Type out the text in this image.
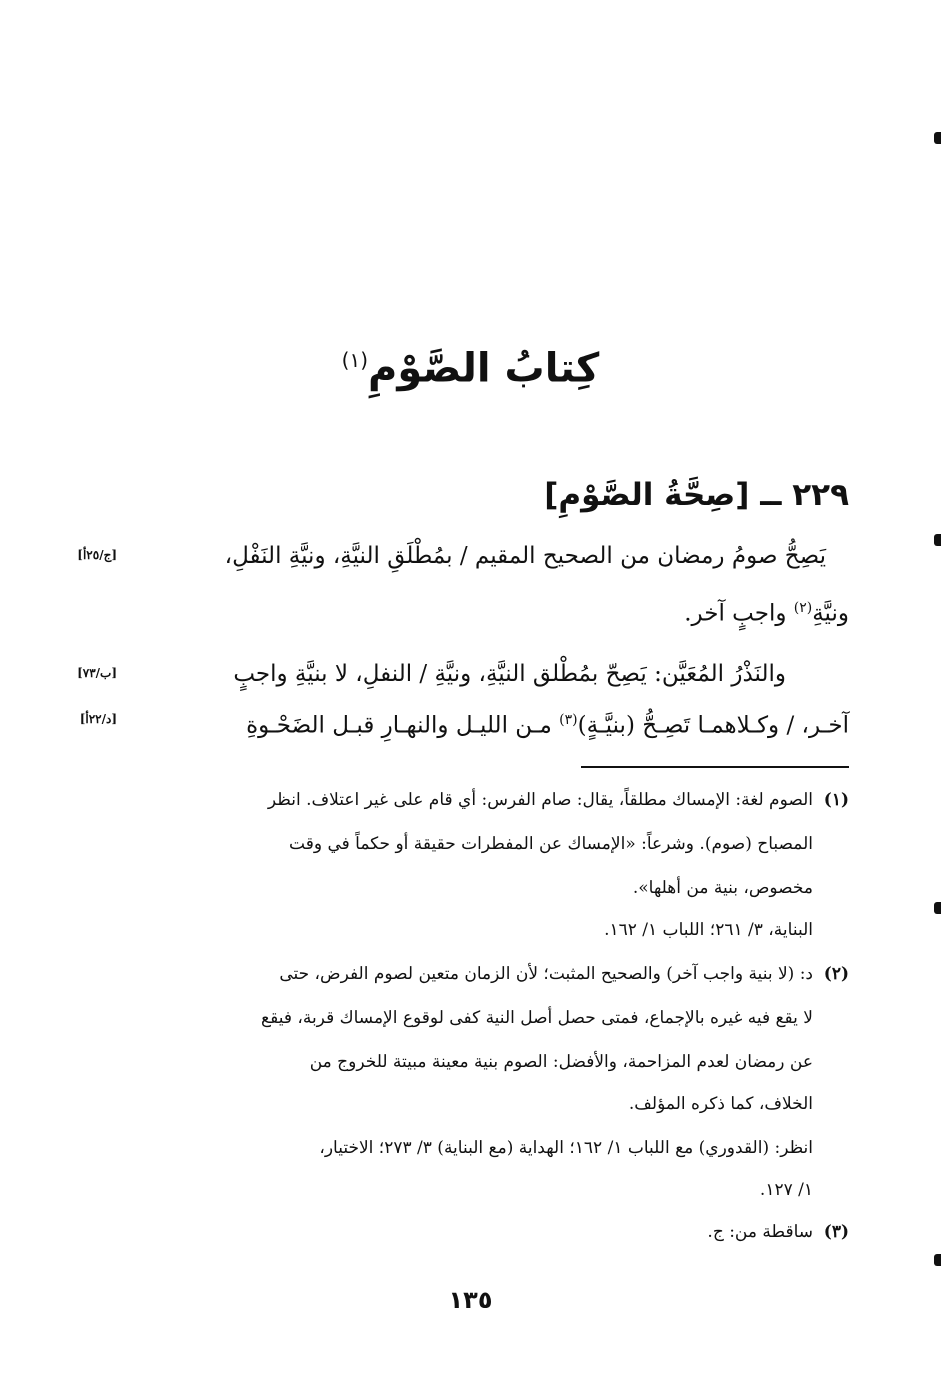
كِتابُ الصَّوْمِ$^{(١)}$
٢٢٩ ــ [صِحَّةُ الصَّوْمِ]
يَصِحُّ صومُ رمضان من الصحيح المقيم / بمُطْلَقِ النيَّةِ، ونيَّةِ النَفْلِ،
[ج/٢٥أ]
ونيَّةِ$^{(٢)}$ واجبٍ آخر.
والنَذْرُ المُعَيَّن: يَصِحّ بمُطْلق النيَّةِ، ونيَّةِ / النفلِ، لا بنيَّةِ واجبٍ
[ب/٧٣]
آخـر، / وكـلاهمـا تَصِـحُّ (بنيَّـةٍ)$^{(٣)}$ مـن الليـل والنهـارِ قبـل الضَحْـوةِ
[د/٢٢أ]
(١)الصوم لغة: الإمساك مطلقاً، يقال: صام الفرس: أي قام على غير اعتلاف. انظر
المصباح (صوم). وشرعاً: «الإمساك عن المفطرات حقيقة أو حكماً في وقت
مخصوص، بنية من أهلها».
البناية، ٣/ ٢٦١؛ اللباب ١/ ١٦٢.
(٢)د: (لا بنية واجب آخر) والصحيح المثبت؛ لأن الزمان متعين لصوم الفرض، حتى
لا يقع فيه غيره بالإجماع، فمتى حصل أصل النية كفى لوقوع الإمساك قربة، فيقع
عن رمضان لعدم المزاحمة، والأفضل: الصوم بنية معينة مبيتة للخروج من
الخلاف، كما ذكره المؤلف.
انظر: (القدوري) مع اللباب ١/ ١٦٢؛ الهداية (مع البناية) ٣/ ٢٧٣؛ الاختيار،
١/ ١٢٧.
(٣)ساقطة من: ج.
١٣٥
